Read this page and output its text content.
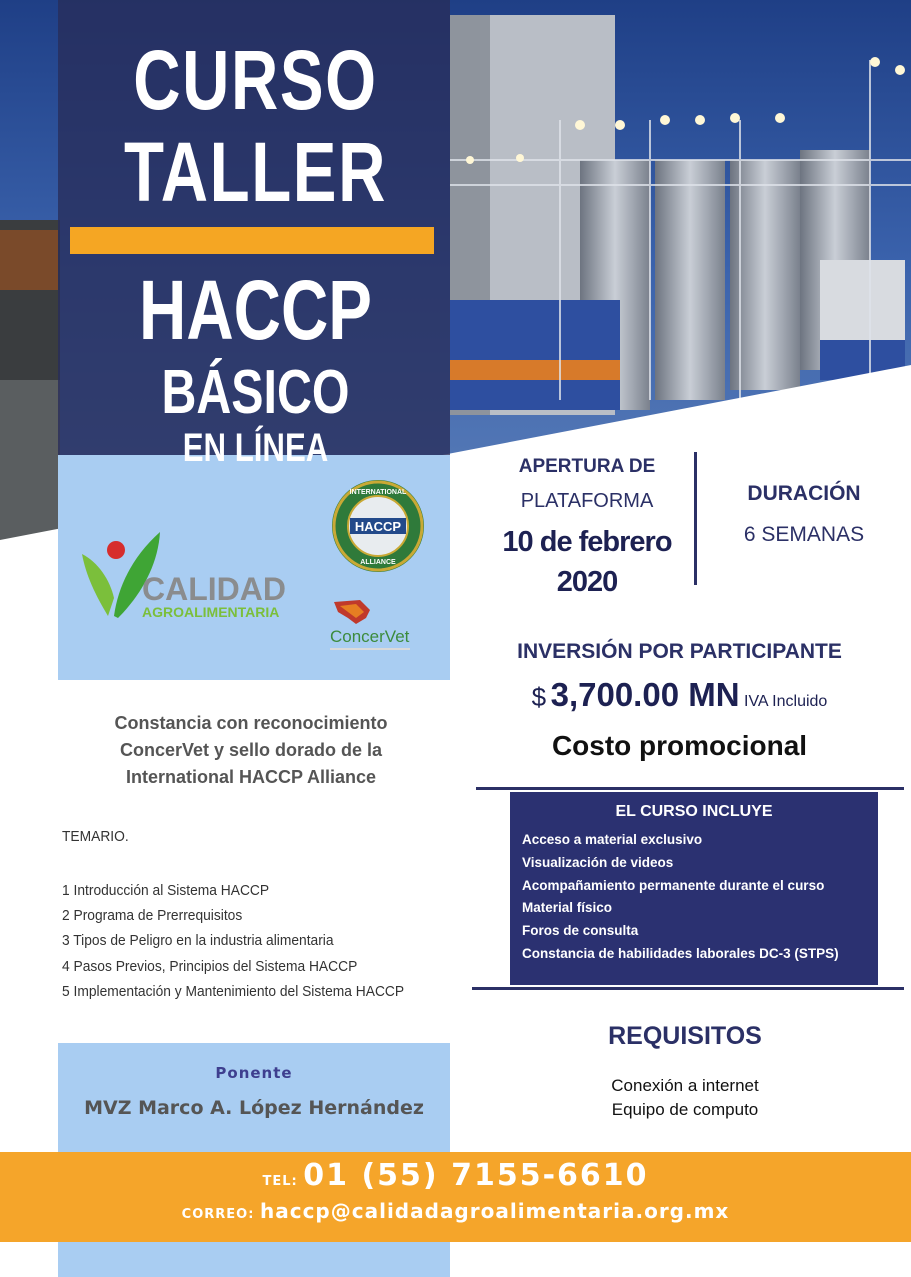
CURSO
TALLER
HACCP
BÁSICO
EN LÍNEA
CALIDAD
AGROALIMENTARIA
HACCP
INTERNATIONAL
ALLIANCE
ConcerVet
APERTURA DE
PLATAFORMA
10 de febrero
2020
DURACIÓN
6 SEMANAS
INVERSIÓN POR PARTICIPANTE
$ 3,700.00 MN IVA Incluido
Costo promocional
EL CURSO INCLUYE
Acceso a material exclusivo
Visualización de videos
Acompañamiento permanente durante el curso
Material físico
Foros de consulta
Constancia de habilidades laborales DC-3 (STPS)
REQUISITOS
Conexión a internet
Equipo de computo
Constancia con reconocimiento
ConcerVet y sello dorado de la
International HACCP Alliance
TEMARIO.
1 Introducción al Sistema HACCP
2 Programa de Prerrequisitos
3 Tipos de Peligro en la industria alimentaria
4 Pasos Previos, Principios del Sistema HACCP
5 Implementación y Mantenimiento del Sistema HACCP
Ponente
MVZ Marco A. López Hernández
TEL: 01 (55) 7155-6610
CORREO: haccp@calidadagroalimentaria.org.mx
